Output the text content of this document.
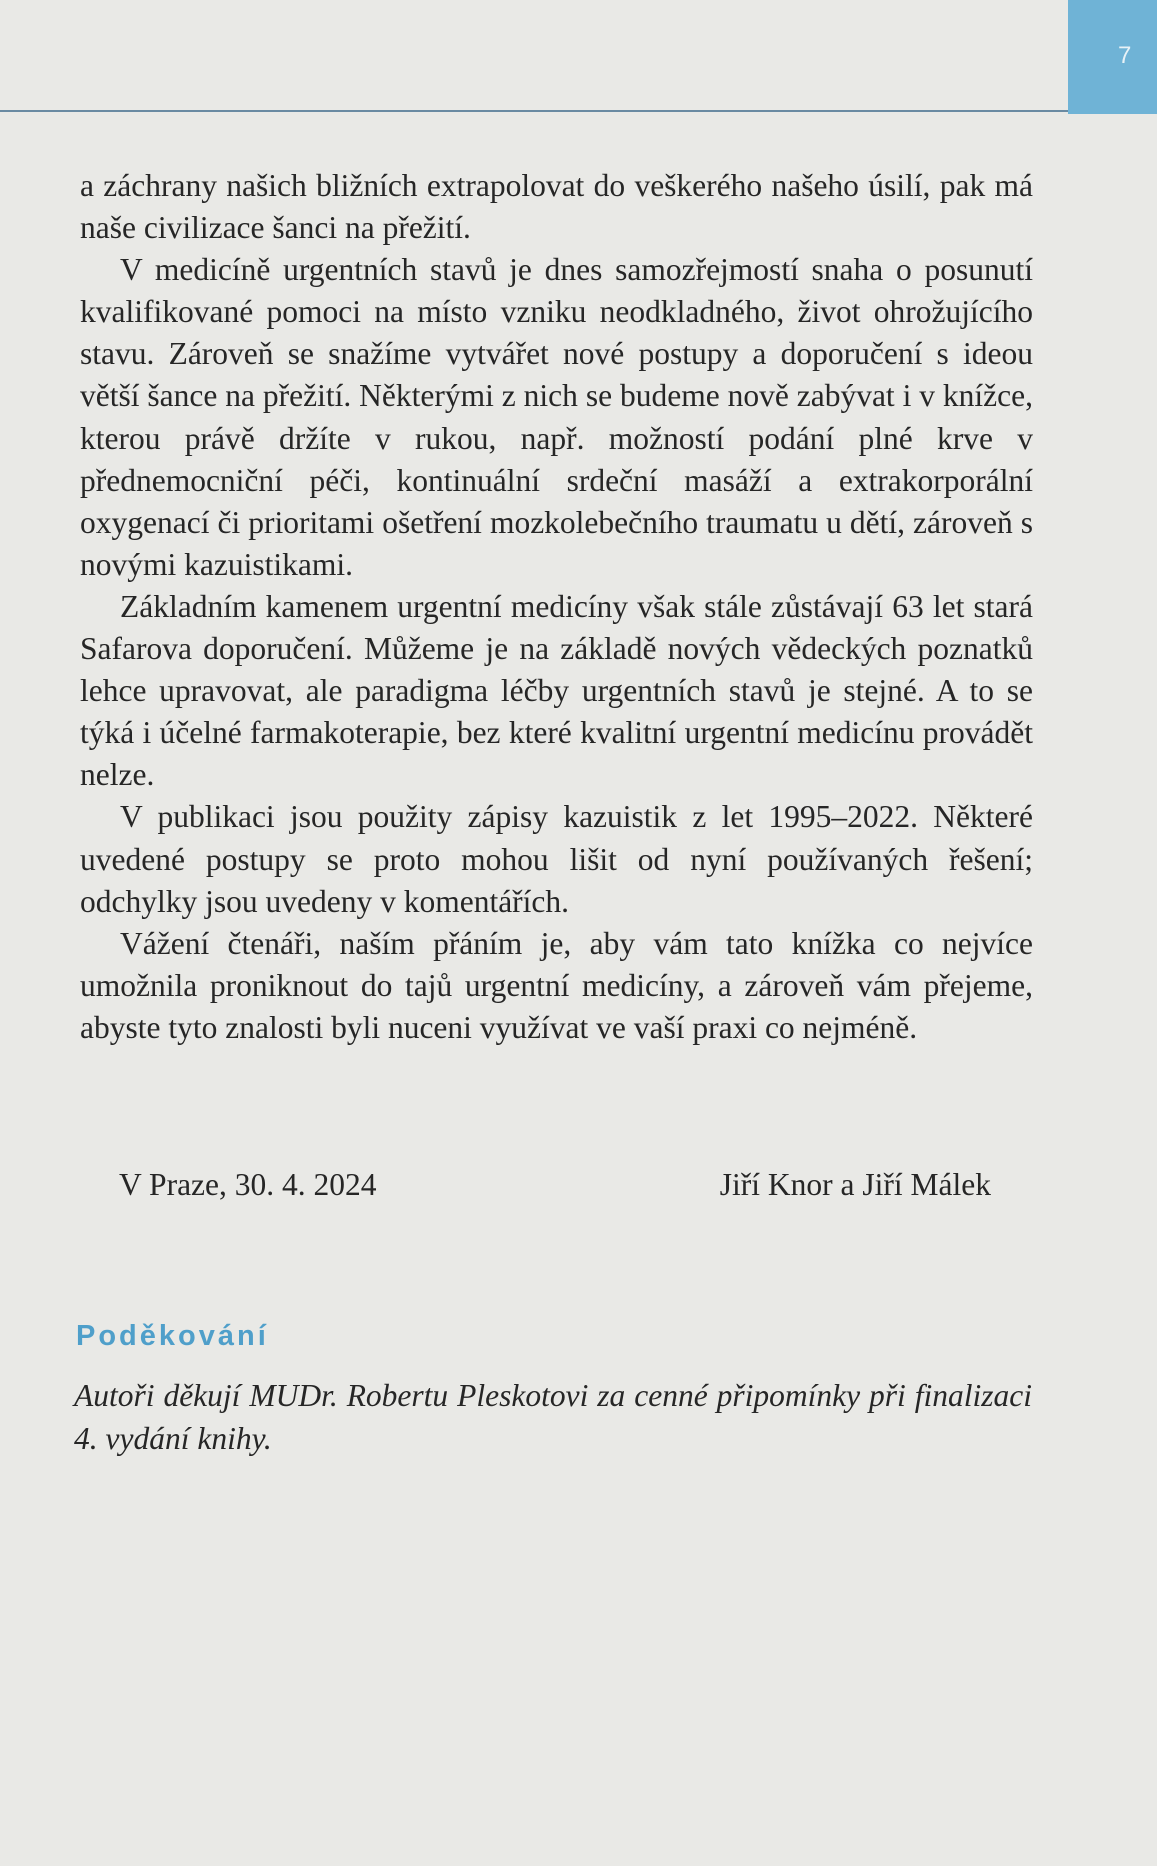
7

a záchrany našich bližních extrapolovat do veškerého našeho úsilí, pak má naše civilizace šanci na přežití.

V medicíně urgentních stavů je dnes samozřejmostí snaha o posunutí kvalifikované pomoci na místo vzniku neodkladného, život ohrožujícího stavu. Zároveň se snažíme vytvářet nové postupy a doporučení s ideou větší šance na přežití. Některými z nich se budeme nově zabývat i v knížce, kterou právě držíte v rukou, např. možností podání plné krve v přednemocniční péči, kontinuální srdeční masáží a extrakorporální oxygenací či prioritami ošetření mozkolebečního traumatu u dětí, zároveň s novými kazuistikami.

Základním kamenem urgentní medicíny však stále zůstávají 63 let stará Safarova doporučení. Můžeme je na základě nových vědeckých poznatků lehce upravovat, ale paradigma léčby urgentních stavů je stejné. A to se týká i účelné farmakoterapie, bez které kvalitní urgentní medicínu provádět nelze.

V publikaci jsou použity zápisy kazuistik z let 1995–2022. Některé uvedené postupy se proto mohou lišit od nyní používaných řešení; odchylky jsou uvedeny v komentářích.

Vážení čtenáři, naším přáním je, aby vám tato knížka co nejvíce umožnila proniknout do tajů urgentní medicíny, a zároveň vám přejeme, abyste tyto znalosti byli nuceni využívat ve vaší praxi co nejméně.

V Praze, 30. 4. 2024	Jiří Knor a Jiří Málek
Poděkování
Autoři děkují MUDr. Robertu Pleskotovi za cenné připomínky při finalizaci 4. vydání knihy.
